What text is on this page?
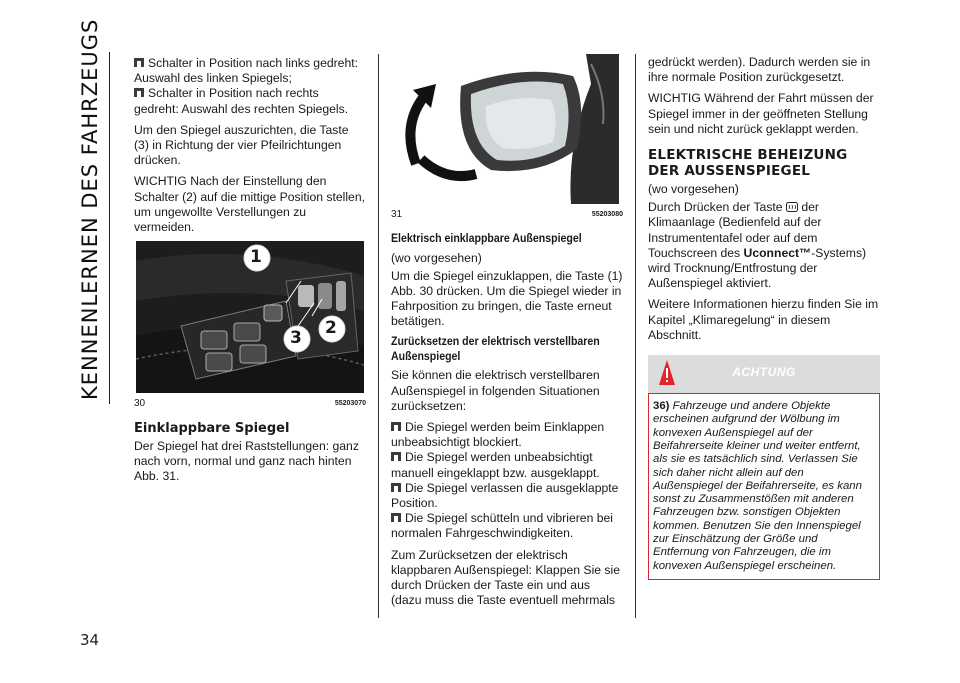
KENNENLERNEN DES FAHRZEUGS
34

Schalter in Position nach links gedreht: Auswahl des linken Spiegels;
Schalter in Position nach rechts gedreht: Auswahl des rechten Spiegels.

Um den Spiegel auszurichten, die Taste (3) in Richtung der vier Pfeilrichtungen drücken.

WICHTIG Nach der Einstellung den Schalter (2) auf die mittige Position stellen, um ungewollte Verstellungen zu vermeiden.

1
2
3
30	55203070
Einklappbare Spiegel

Der Spiegel hat drei Raststellungen: ganz nach vorn, normal und ganz nach hinten Abb. 31.

31	55203080
Elektrisch einklappbare Außenspiegel

(wo vorgesehen)

Um die Spiegel einzuklappen, die Taste (1) Abb. 30 drücken. Um die Spiegel wieder in Fahrposition zu bringen, die Taste erneut betätigen.

Zurücksetzen der elektrisch verstellbaren Außenspiegel

Sie können die elektrisch verstellbaren Außenspiegel in folgenden Situationen zurücksetzen:

Die Spiegel werden beim Einklappen unbeabsichtigt blockiert.
Die Spiegel werden unbeabsichtigt manuell eingeklappt bzw. ausgeklappt.
Die Spiegel verlassen die ausgeklappte Position.
Die Spiegel schütteln und vibrieren bei normalen Fahrgeschwindigkeiten.

Zum Zurücksetzen der elektrisch klappbaren Außenspiegel: Klappen Sie sie durch Drücken der Taste ein und aus (dazu muss die Taste eventuell mehrmals

gedrückt werden). Dadurch werden sie in ihre normale Position zurückgesetzt.

WICHTIG Während der Fahrt müssen der Spiegel immer in der geöffneten Stellung sein und nicht zurück geklappt werden.

ELEKTRISCHE BEHEIZUNG DER AUSSENSPIEGEL

(wo vorgesehen)

Durch Drücken der Taste der Klimaanlage (Bedienfeld auf der Instrumententafel oder auf dem Touchscreen des Uconnect™-Systems) wird Trocknung/Entfrostung der Außenspiegel aktiviert.

Weitere Informationen hierzu finden Sie im Kapitel „Klimaregelung“ in diesem Abschnitt.

ACHTUNG
36) Fahrzeuge und andere Objekte erscheinen aufgrund der Wölbung im konvexen Außenspiegel auf der Beifahrerseite kleiner und weiter entfernt, als sie es tatsächlich sind. Verlassen Sie sich daher nicht allein auf den Außenspiegel der Beifahrerseite, es kann sonst zu Zusammenstößen mit anderen Fahrzeugen bzw. sonstigen Objekten kommen. Benutzen Sie den Innenspiegel zur Einschätzung der Größe und Entfernung von Fahrzeugen, die im konvexen Außenspiegel erscheinen.
